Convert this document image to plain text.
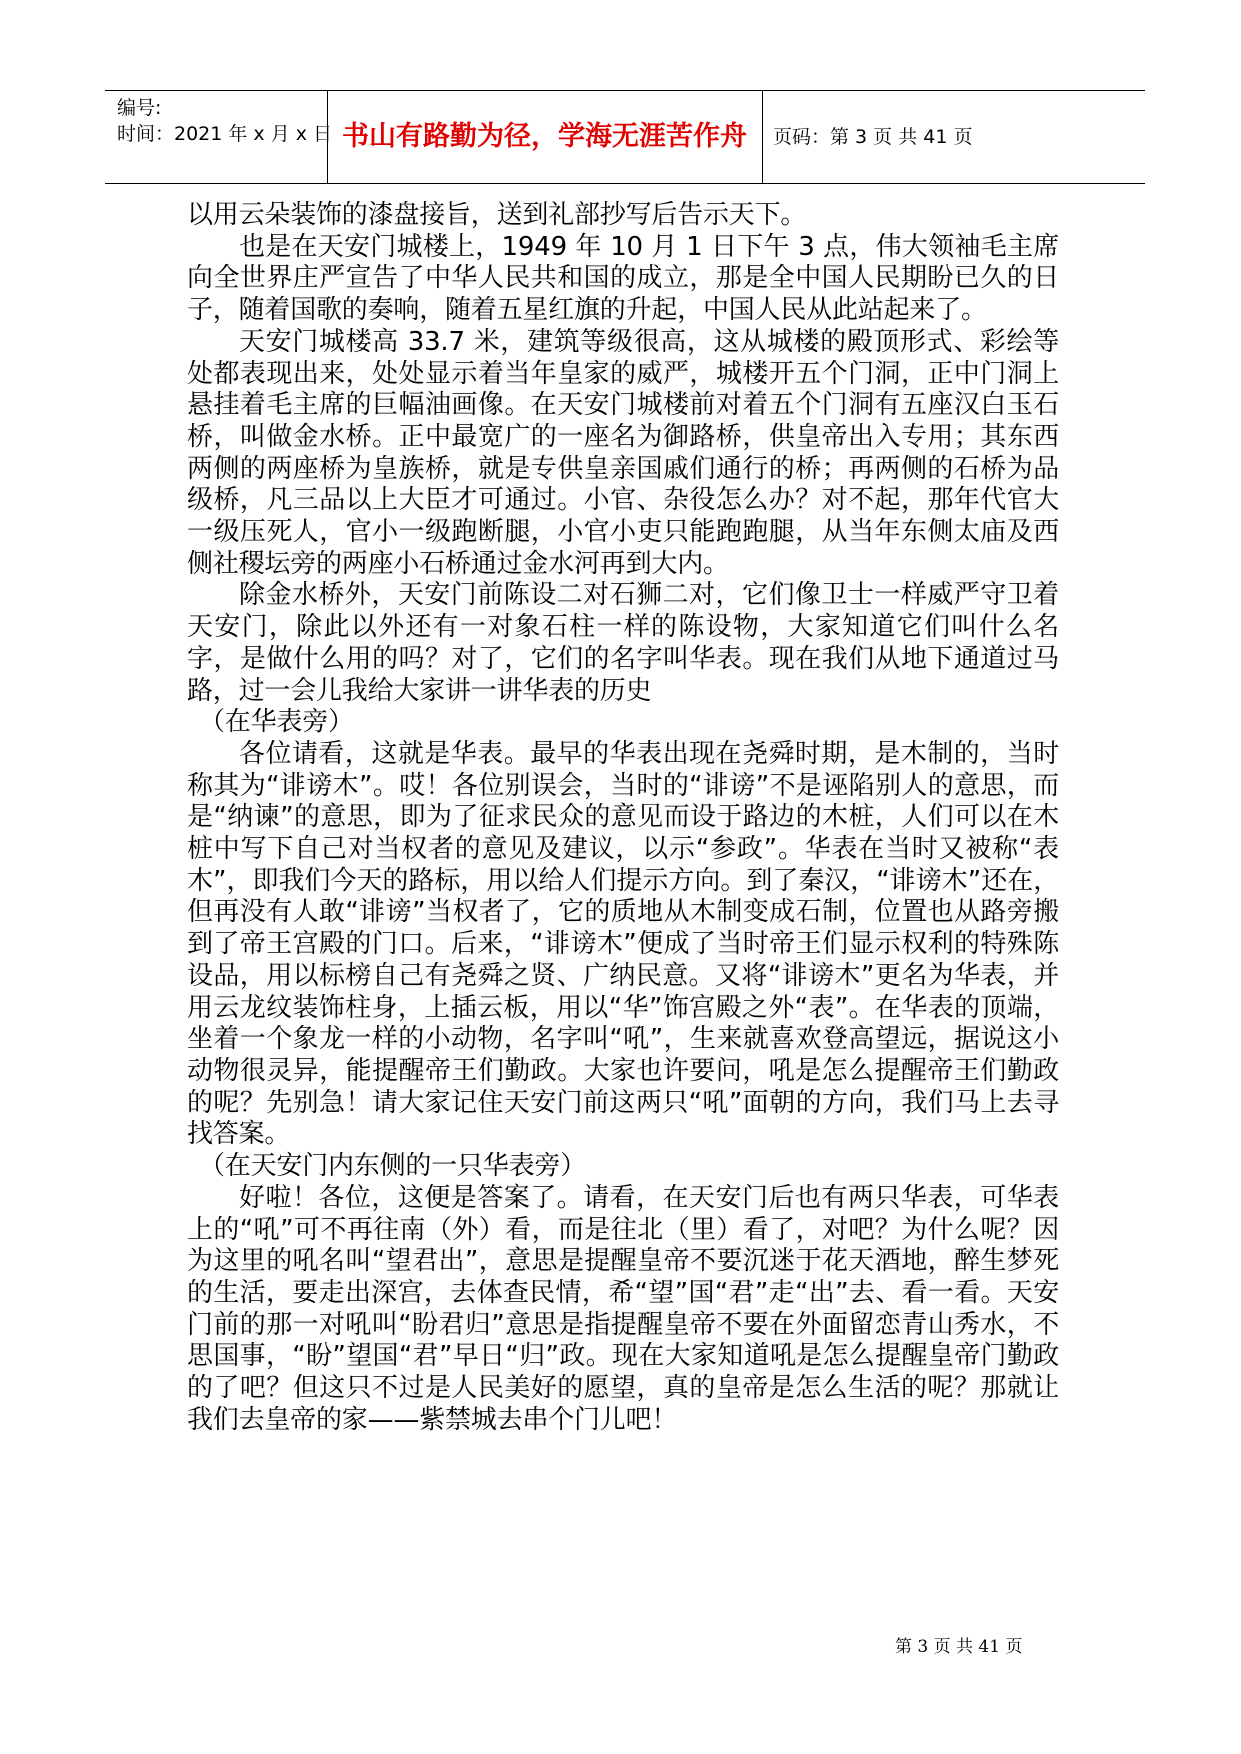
编号:
时间：2021 年 x 月 x 日 书山有路勤为径，学海无涯苦作舟	页码：第 3 页 共 41 页

以用云朵装饰的漆盘接旨，送到礼部抄写后告示天下。

也是在天安门城楼上，1949 年 10 月 1 日下午 3 点，伟大领袖毛主席向全世界庄严宣告了中华人民共和国的成立，那是全中国人民期盼已久的日子，随着国歌的奏响，随着五星红旗的升起，中国人民从此站起来了。

天安门城楼高 33.7 米，建筑等级很高，这从城楼的殿顶形式、彩绘等处都表现出来，处处显示着当年皇家的威严，城楼开五个门洞，正中门洞上悬挂着毛主席的巨幅油画像。在天安门城楼前对着五个门洞有五座汉白玉石桥，叫做金水桥。正中最宽广的一座名为御路桥，供皇帝出入专用；其东西两侧的两座桥为皇族桥，就是专供皇亲国戚们通行的桥；再两侧的石桥为品级桥，凡三品以上大臣才可通过。小官、杂役怎么办？对不起，那年代官大一级压死人，官小一级跑断腿，小官小吏只能跑跑腿，从当年东侧太庙及西侧社稷坛旁的两座小石桥通过金水河再到大内。

除金水桥外，天安门前陈设二对石狮二对，它们像卫士一样威严守卫着天安门，除此以外还有一对象石柱一样的陈设物，大家知道它们叫什么名字，是做什么用的吗？对了，它们的名字叫华表。现在我们从地下通道过马路，过一会儿我给大家讲一讲华表的历史

（在华表旁）

各位请看，这就是华表。最早的华表出现在尧舜时期，是木制的，当时称其为“诽谤木”。哎！各位别误会，当时的“诽谤”不是诬陷别人的意思，而是“纳谏”的意思，即为了征求民众的意见而设于路边的木桩，人们可以在木桩中写下自己对当权者的意见及建议，以示“参政”。华表在当时又被称“表木”，即我们今天的路标，用以给人们提示方向。到了秦汉，“诽谤木”还在，但再没有人敢“诽谤”当权者了，它的质地从木制变成石制，位置也从路旁搬到了帝王宫殿的门口。后来，“诽谤木”便成了当时帝王们显示权利的特殊陈设品，用以标榜自己有尧舜之贤、广纳民意。又将“诽谤木”更名为华表，并用云龙纹装饰柱身，上插云板，用以“华”饰宫殿之外“表”。在华表的顶端，坐着一个象龙一样的小动物，名字叫“吼”，生来就喜欢登高望远，据说这小动物很灵异，能提醒帝王们勤政。大家也许要问，吼是怎么提醒帝王们勤政的呢？先别急！请大家记住天安门前这两只“吼”面朝的方向，我们马上去寻找答案。

（在天安门内东侧的一只华表旁）

好啦！各位，这便是答案了。请看，在天安门后也有两只华表，可华表上的“吼”可不再往南（外）看，而是往北（里）看了，对吧？为什么呢？因为这里的吼名叫“望君出”，意思是提醒皇帝不要沉迷于花天酒地，醉生梦死的生活，要走出深宫，去体查民情，希“望”国“君”走“出”去、看一看。天安门前的那一对吼叫“盼君归”意思是指提醒皇帝不要在外面留恋青山秀水，不思国事，“盼”望国“君”早日“归”政。现在大家知道吼是怎么提醒皇帝门勤政的了吧？但这只不过是人民美好的愿望，真的皇帝是怎么生活的呢？那就让我们去皇帝的家——紫禁城去串个门儿吧！

第 3 页 共 41 页
